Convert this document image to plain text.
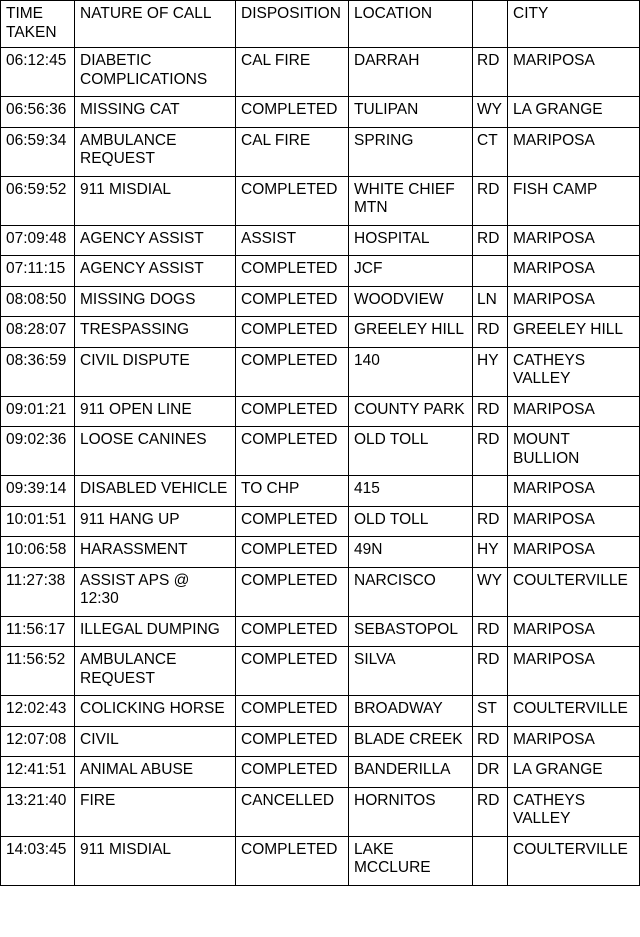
TIME TAKEN	NATURE OF CALL	DISPOSITION	LOCATION		CITY
06:12:45	DIABETIC COMPLICATIONS	CAL FIRE	DARRAH	RD	MARIPOSA
06:56:36	MISSING CAT	COMPLETED	TULIPAN	WY	LA GRANGE
06:59:34	AMBULANCE REQUEST	CAL FIRE	SPRING	CT	MARIPOSA
06:59:52	911 MISDIAL	COMPLETED	WHITE CHIEF MTN	RD	FISH CAMP
07:09:48	AGENCY ASSIST	ASSIST	HOSPITAL	RD	MARIPOSA
07:11:15	AGENCY ASSIST	COMPLETED	JCF		MARIPOSA
08:08:50	MISSING DOGS	COMPLETED	WOODVIEW	LN	MARIPOSA
08:28:07	TRESPASSING	COMPLETED	GREELEY HILL	RD	GREELEY HILL
08:36:59	CIVIL DISPUTE	COMPLETED	140	HY	CATHEYS VALLEY
09:01:21	911 OPEN LINE	COMPLETED	COUNTY PARK	RD	MARIPOSA
09:02:36	LOOSE CANINES	COMPLETED	OLD TOLL	RD	MOUNT BULLION
09:39:14	DISABLED VEHICLE	TO CHP	415		MARIPOSA
10:01:51	911 HANG UP	COMPLETED	OLD TOLL	RD	MARIPOSA
10:06:58	HARASSMENT	COMPLETED	49N	HY	MARIPOSA
11:27:38	ASSIST APS @ 12:30	COMPLETED	NARCISCO	WY	COULTERVILLE
11:56:17	ILLEGAL DUMPING	COMPLETED	SEBASTOPOL	RD	MARIPOSA
11:56:52	AMBULANCE REQUEST	COMPLETED	SILVA	RD	MARIPOSA
12:02:43	COLICKING HORSE	COMPLETED	BROADWAY	ST	COULTERVILLE
12:07:08	CIVIL	COMPLETED	BLADE CREEK	RD	MARIPOSA
12:41:51	ANIMAL ABUSE	COMPLETED	BANDERILLA	DR	LA GRANGE
13:21:40	FIRE	CANCELLED	HORNITOS	RD	CATHEYS VALLEY
14:03:45	911 MISDIAL	COMPLETED	LAKE MCCLURE		COULTERVILLE
